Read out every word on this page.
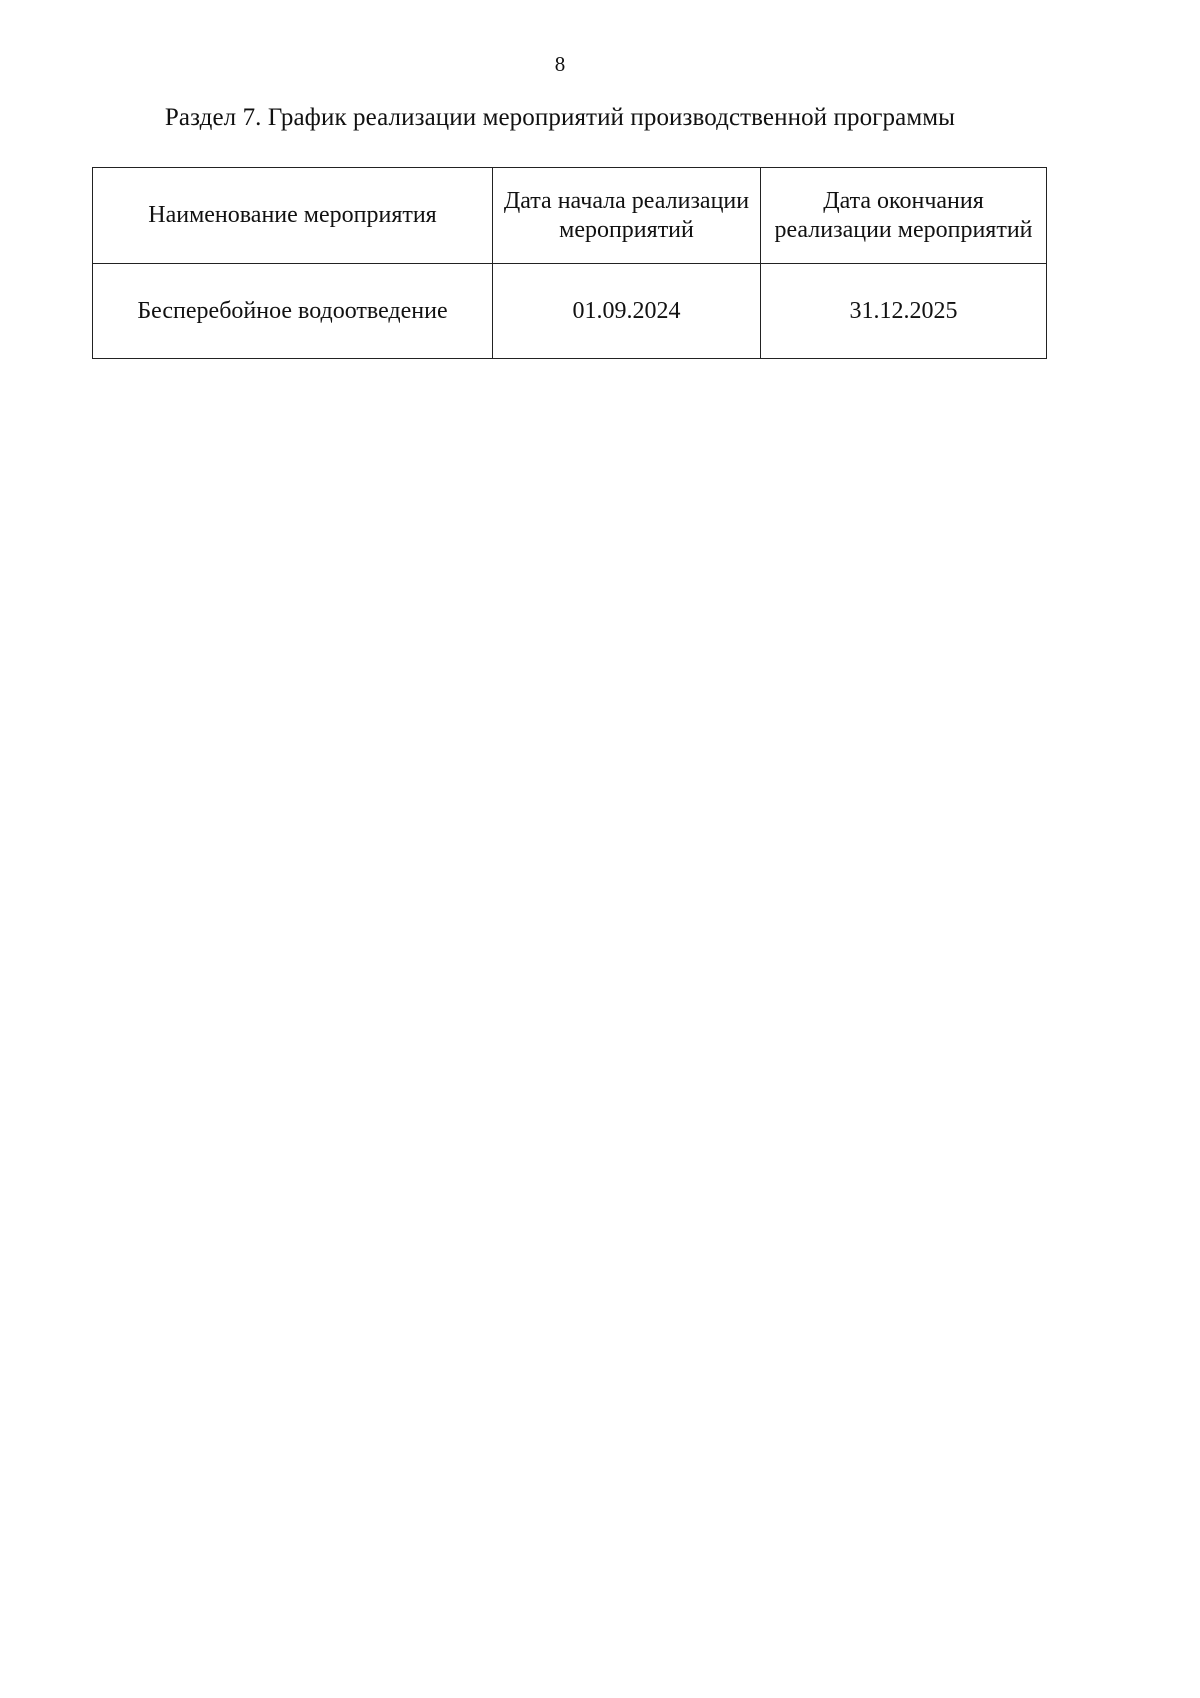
8
Раздел 7. График реализации мероприятий производственной программы
Наименование мероприятия	Дата начала реализации мероприятий	Дата окончания реализации мероприятий
Бесперебойное водоотведение	01.09.2024	31.12.2025
